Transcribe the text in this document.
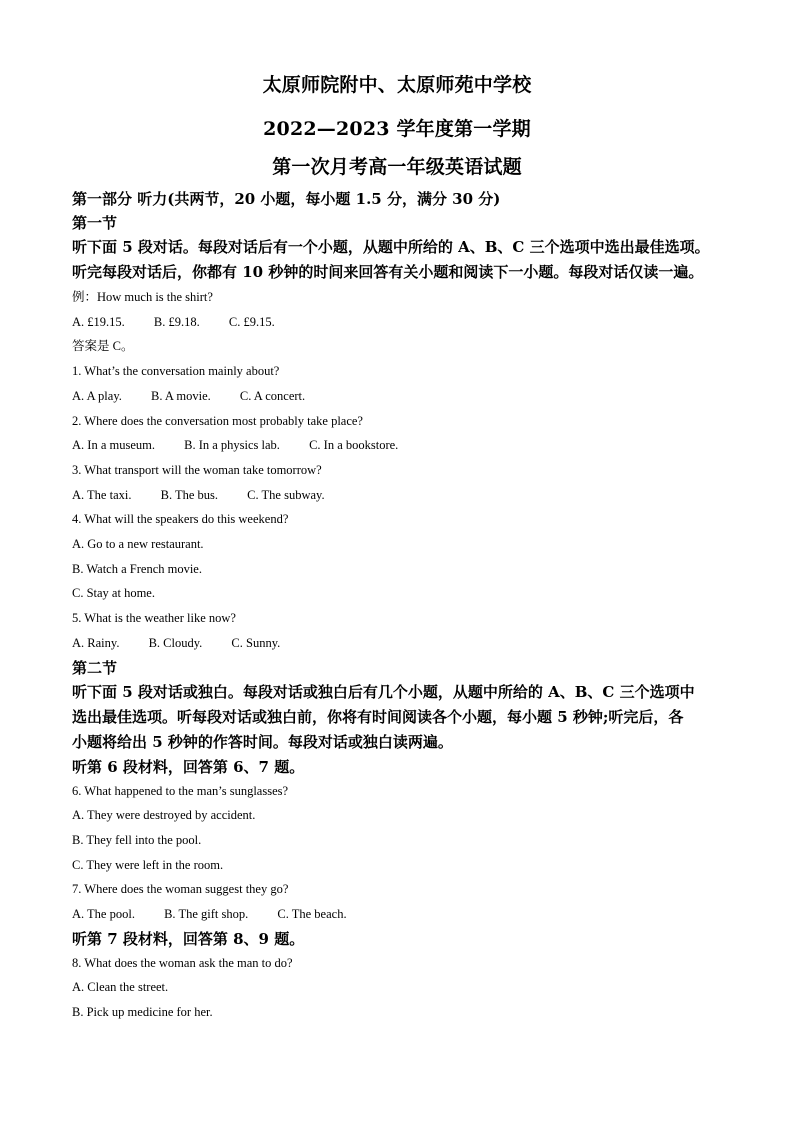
太原师院附中、太原师苑中学校
2022—2023 学年度第一学期
第一次月考高一年级英语试题

第一部分 听力(共两节，20 小题，每小题 1.5 分，满分 30 分)

第一节

听下面 5 段对话。每段对话后有一个小题，从题中所给的 A、B、C 三个选项中选出最佳选项。

听完每段对话后，你都有 10 秒钟的时间来回答有关小题和阅读下一小题。每段对话仅读一遍。

例：How much is the shirt?

A. £19.15. B. £9.18. C. £9.15.

答案是 C。

1. What’s the conversation mainly about?

A. A play. B. A movie. C. A concert.

2. Where does the conversation most probably take place?

A. In a museum. B. In a physics lab. C. In a bookstore.

3. What transport will the woman take tomorrow?

A. The taxi. B. The bus. C. The subway.

4. What will the speakers do this weekend?

A. Go to a new restaurant.

B. Watch a French movie.

C. Stay at home.

5. What is the weather like now?

A. Rainy. B. Cloudy. C. Sunny.

第二节

听下面 5 段对话或独白。每段对话或独白后有几个小题，从题中所给的 A、B、C 三个选项中

选出最佳选项。听每段对话或独白前，你将有时间阅读各个小题，每小题 5 秒钟;听完后，各

小题将给出 5 秒钟的作答时间。每段对话或独白读两遍。

听第 6 段材料，回答第 6、7 题。

6. What happened to the man’s sunglasses?

A. They were destroyed by accident.

B. They fell into the pool.

C. They were left in the room.

7. Where does the woman suggest they go?

A. The pool. B. The gift shop. C. The beach.

听第 7 段材料，回答第 8、9 题。

8. What does the woman ask the man to do?

A. Clean the street.

B. Pick up medicine for her.
